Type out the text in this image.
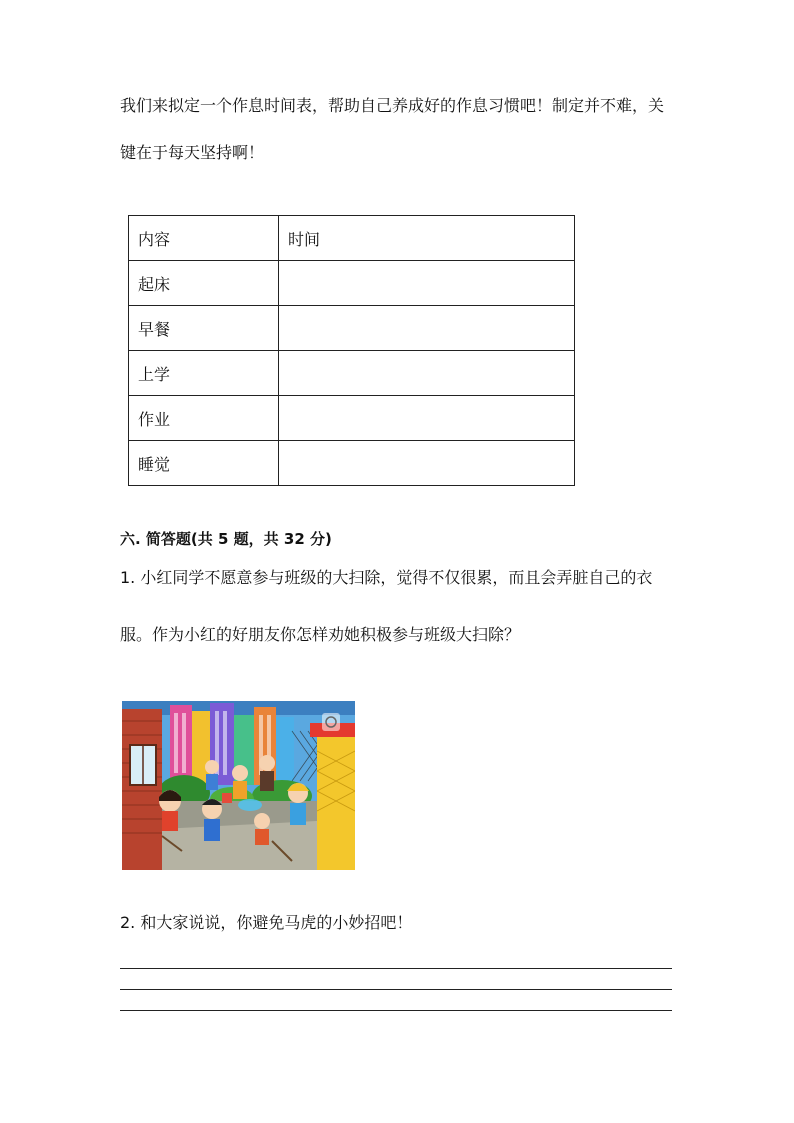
我们来拟定一个作息时间表，帮助自己养成好的作息习惯吧！制定并不难，关
键在于每天坚持啊！
内容	时间
起床	
早餐	
上学	
作业	
睡觉	
六. 简答题(共 5 题，共 32 分)
1. 小红同学不愿意参与班级的大扫除，觉得不仅很累，而且会弄脏自己的衣
服。作为小红的好朋友你怎样劝她积极参与班级大扫除？
2. 和大家说说，你避免马虎的小妙招吧！
